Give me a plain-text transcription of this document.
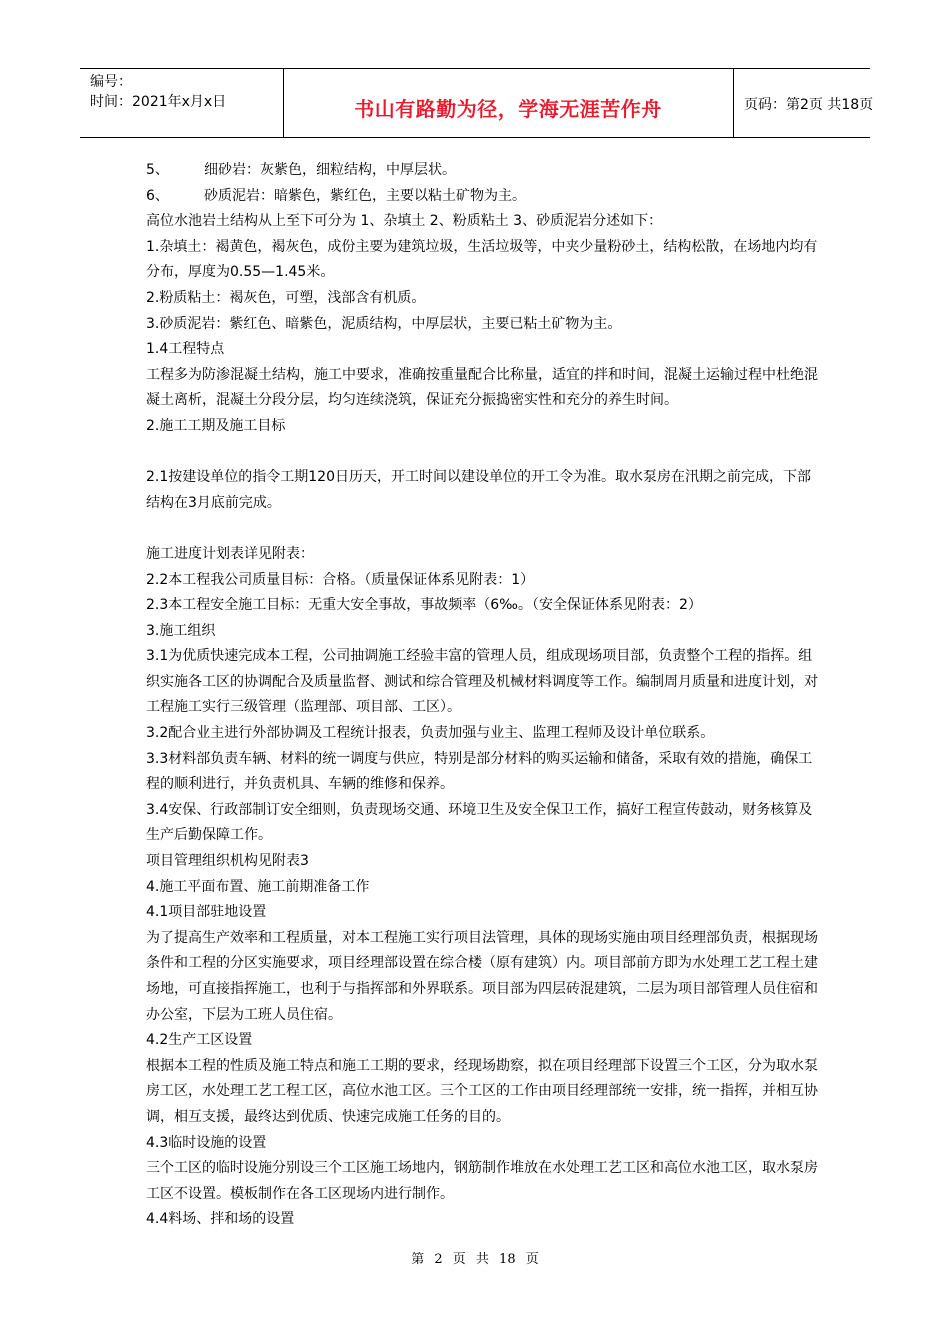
编号：
时间：2021年x月x日	书山有路勤为径，学海无涯苦作舟	页码：第2页 共18页

5、	细砂岩：灰紫色，细粒结构，中厚层状。

6、	砂质泥岩：暗紫色，紫红色，主要以粘土矿物为主。

高位水池岩土结构从上至下可分为 1、杂填土 2、粉质粘土 3、砂质泥岩分述如下：

1.杂填土：褐黄色，褐灰色，成份主要为建筑垃圾，生活垃圾等，中夹少量粉砂土，结构松散，在场地内均有分布，厚度为0.55—1.45米。

2.粉质粘土：褐灰色，可塑，浅部含有机质。

3.砂质泥岩：紫红色、暗紫色，泥质结构，中厚层状，主要已粘土矿物为主。

1.4工程特点

工程多为防渗混凝土结构，施工中要求，准确按重量配合比称量，适宜的拌和时间，混凝土运输过程中杜绝混凝土离析，混凝土分段分层，均匀连续浇筑，保证充分振捣密实性和充分的养生时间。

2.施工工期及施工目标

2.1按建设单位的指令工期120日历天，开工时间以建设单位的开工令为准。取水泵房在汛期之前完成，下部结构在3月底前完成。

施工进度计划表详见附表：

2.2本工程我公司质量目标：合格。（质量保证体系见附表：1）

2.3本工程安全施工目标：无重大安全事故，事故频率（6‰。（安全保证体系见附表：2）

3.施工组织

3.1为优质快速完成本工程，公司抽调施工经验丰富的管理人员，组成现场项目部，负责整个工程的指挥。组织实施各工区的协调配合及质量监督、测试和综合管理及机械材料调度等工作。编制周月质量和进度计划，对工程施工实行三级管理（监理部、项目部、工区）。

3.2配合业主进行外部协调及工程统计报表，负责加强与业主、监理工程师及设计单位联系。

3.3材料部负责车辆、材料的统一调度与供应，特别是部分材料的购买运输和储备，采取有效的措施，确保工程的顺利进行，并负责机具、车辆的维修和保养。

3.4安保、行政部制订安全细则，负责现场交通、环境卫生及安全保卫工作，搞好工程宣传鼓动，财务核算及生产后勤保障工作。

项目管理组织机构见附表3

4.施工平面布置、施工前期准备工作

4.1项目部驻地设置

为了提高生产效率和工程质量，对本工程施工实行项目法管理，具体的现场实施由项目经理部负责，根据现场条件和工程的分区实施要求，项目经理部设置在综合楼（原有建筑）内。项目部前方即为水处理工艺工程土建场地，可直接指挥施工，也利于与指挥部和外界联系。项目部为四层砖混建筑，二层为项目部管理人员住宿和办公室，下层为工班人员住宿。

4.2生产工区设置

根据本工程的性质及施工特点和施工工期的要求，经现场勘察，拟在项目经理部下设置三个工区，分为取水泵房工区，水处理工艺工程工区，高位水池工区。三个工区的工作由项目经理部统一安排，统一指挥，并相互协调，相互支援，最终达到优质、快速完成施工任务的目的。

4.3临时设施的设置

三个工区的临时设施分别设三个工区施工场地内，钢筋制作堆放在水处理工艺工区和高位水池工区，取水泵房工区不设置。模板制作在各工区现场内进行制作。

4.4料场、拌和场的设置

第 2 页 共 18 页
